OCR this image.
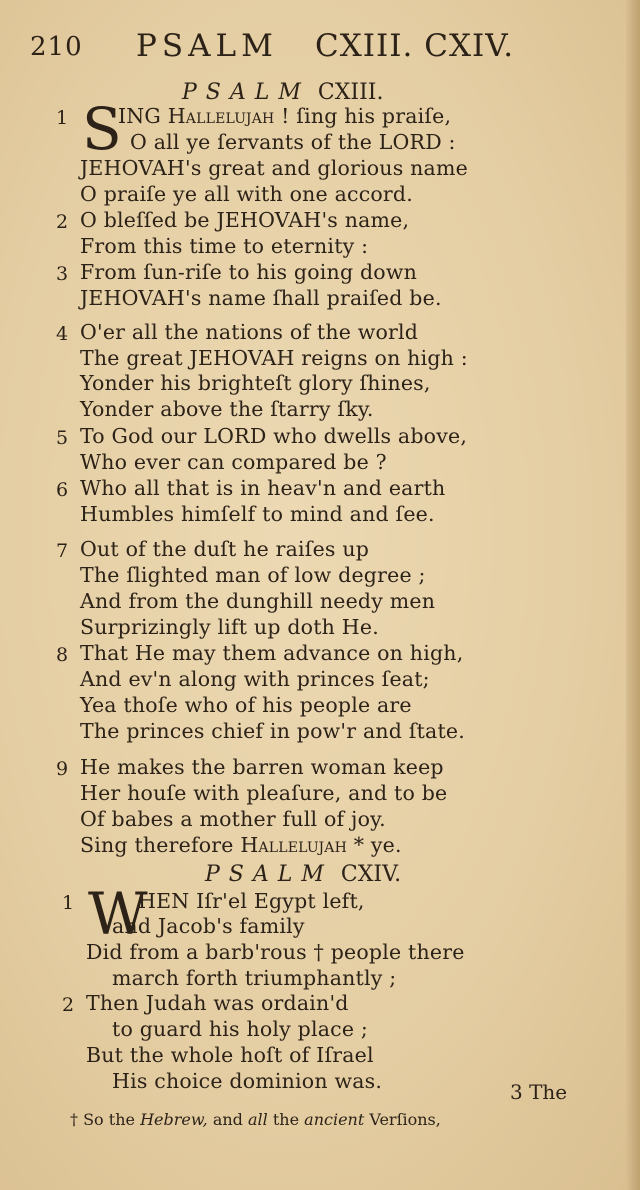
210 PSALM CXIII. CXIV.
PSALM CXIII.
1 S
ING Hallelujah ! ſing his praiſe,
O all ye ſervants of the LORD :
JEHOVAH's great and glorious name
O praiſe ye all with one accord.
2 O bleſſed be JEHOVAH's name,
From this time to eternity :
3 From ſun-riſe to his going down
JEHOVAH's name ſhall praiſed be.
4 O'er all the nations of the world
The great JEHOVAH reigns on high :
Yonder his brighteſt glory ſhines,
Yonder above the ſtarry ſky.
5 To God our LORD who dwells above,
Who ever can compared be ?
6 Who all that is in heav'n and earth
Humbles himſelf to mind and ſee.
7 Out of the duſt he raiſes up
The ſlighted man of low degree ;
And from the dunghill needy men
Surprizingly lift up doth He.
8 That He may them advance on high,
And ev'n along with princes ſeat;
Yea thoſe who of his people are
The princes chief in pow'r and ſtate.
9 He makes the barren woman keep
Her houſe with pleaſure, and to be
Of babes a mother full of joy.
Sing therefore Hallelujah * ye.
PSALM CXIV.
1 W
HEN Iſr'el Egypt left,
and Jacob's family
Did from a barb'rous † people there
march forth triumphantly ;
2 Then Judah was ordain'd
to guard his holy place ;
But the whole hoſt of Iſrael
His choice dominion was.	3 The
† So the Hebrew, and all the ancient Verſions,
